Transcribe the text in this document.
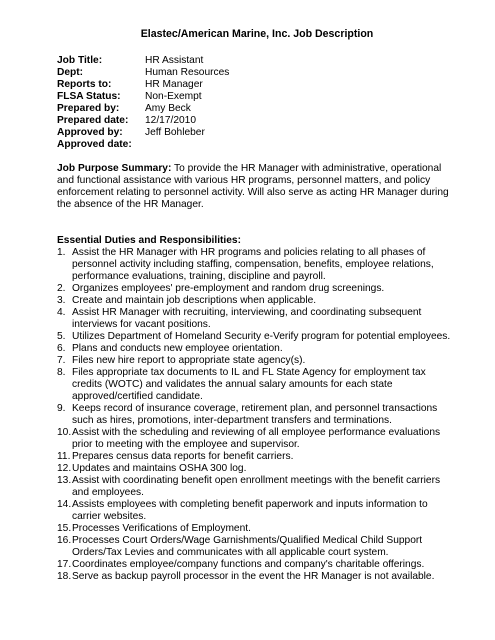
Elastec/American Marine, Inc. Job Description
Job Title:	HR Assistant
Dept:	Human Resources
Reports to:	HR Manager
FLSA Status:	Non-Exempt
Prepared by:	Amy Beck
Prepared date:	12/17/2010
Approved by:	Jeff Bohleber
Approved date:

Job Purpose Summary: To provide the HR Manager with administrative, operational and functional assistance with various HR programs, personnel matters, and policy enforcement relating to personnel activity. Will also serve as acting HR Manager during the absence of the HR Manager.

Essential Duties and Responsibilities:
1. Assist the HR Manager with HR programs and policies relating to all phases of personnel activity including staffing, compensation, benefits, employee relations, performance evaluations, training, discipline and payroll.
2. Organizes employees' pre-employment and random drug screenings.
3. Create and maintain job descriptions when applicable.
4. Assist HR Manager with recruiting, interviewing, and coordinating subsequent interviews for vacant positions.
5. Utilizes Department of Homeland Security e-Verify program for potential employees.
6. Plans and conducts new employee orientation.
7. Files new hire report to appropriate state agency(s).
8. Files appropriate tax documents to IL and FL State Agency for employment tax credits (WOTC) and validates the annual salary amounts for each state approved/certified candidate.
9. Keeps record of insurance coverage, retirement plan, and personnel transactions such as hires, promotions, inter-department transfers and terminations.
10. Assist with the scheduling and reviewing of all employee performance evaluations prior to meeting with the employee and supervisor.
11. Prepares census data reports for benefit carriers.
12. Updates and maintains OSHA 300 log.
13. Assist with coordinating benefit open enrollment meetings with the benefit carriers and employees.
14. Assists employees with completing benefit paperwork and inputs information to carrier websites.
15. Processes Verifications of Employment.
16. Processes Court Orders/Wage Garnishments/Qualified Medical Child Support Orders/Tax Levies and communicates with all applicable court system.
17. Coordinates employee/company functions and company's charitable offerings.
18. Serve as backup payroll processor in the event the HR Manager is not available.
